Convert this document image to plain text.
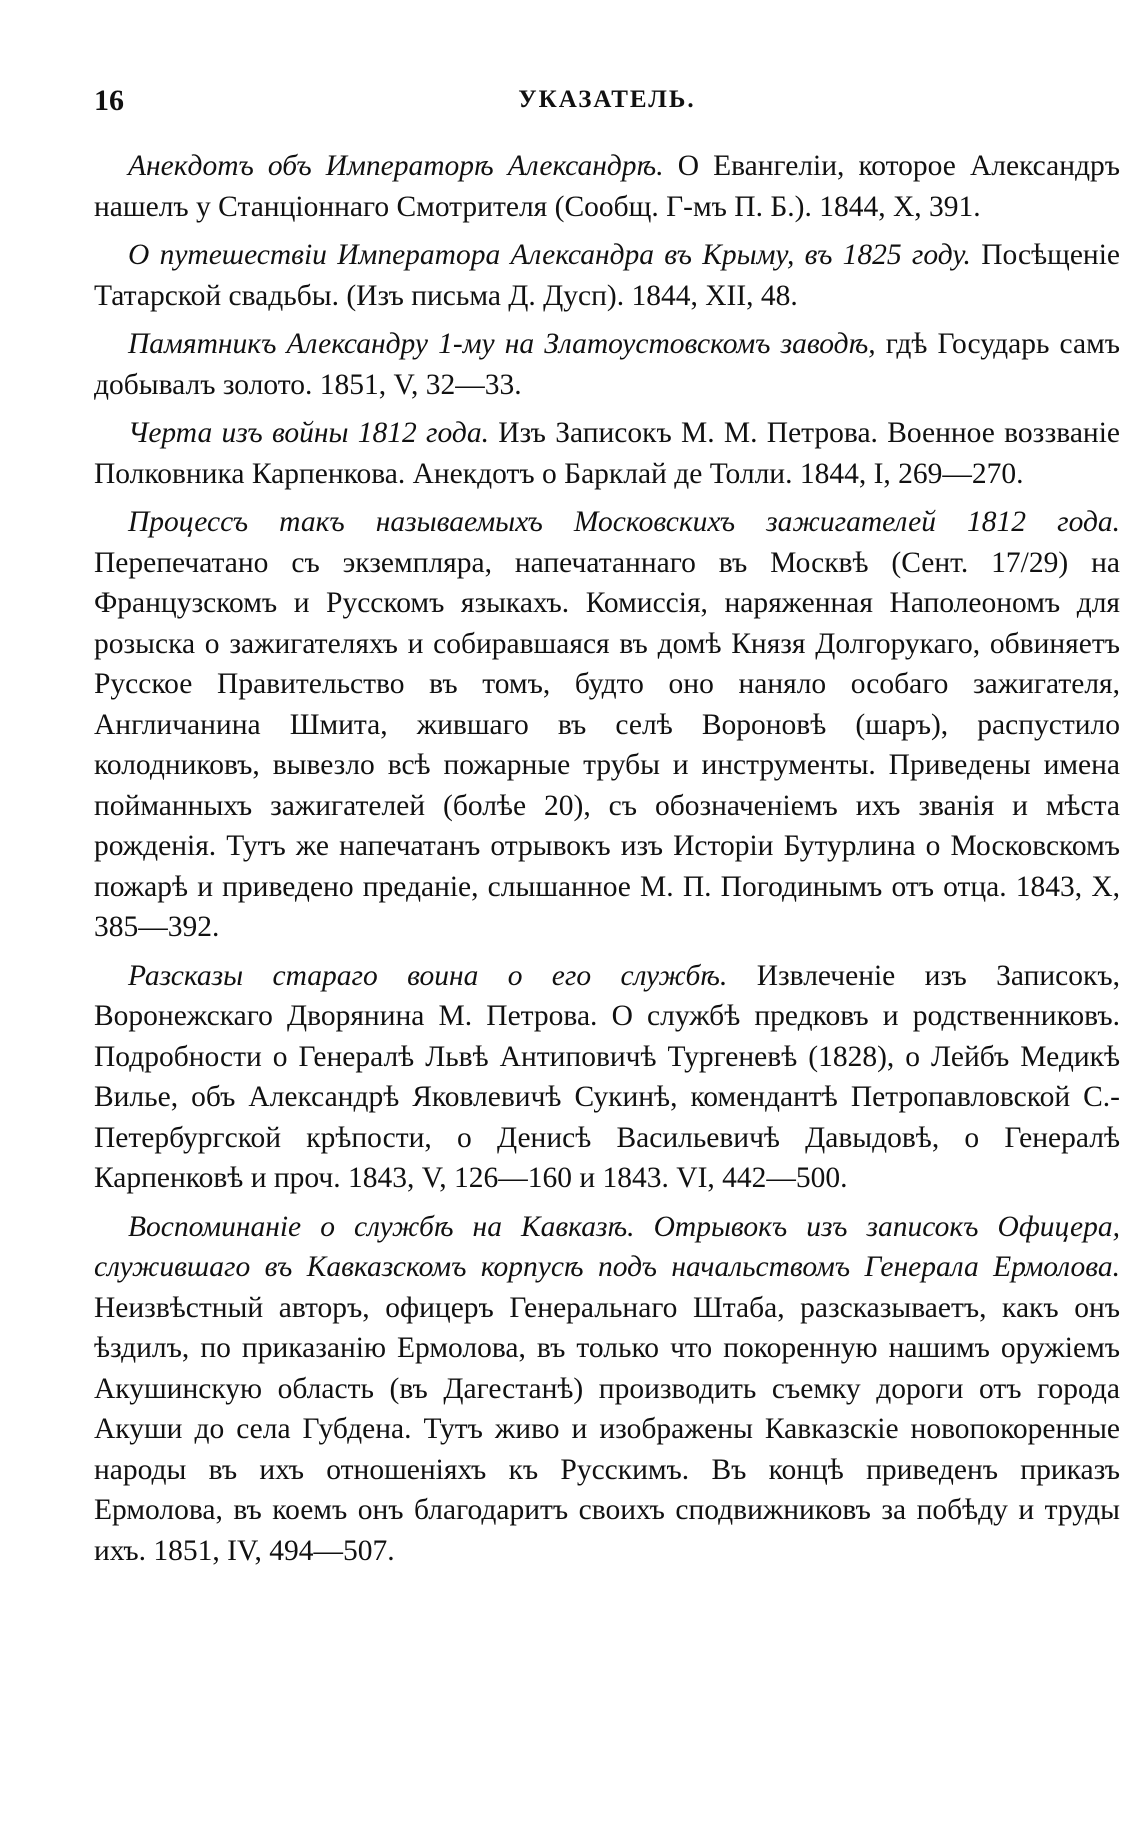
16	УКАЗАТЕЛЬ.

Анекдотъ объ Императорѣ Александрѣ. О Евангеліи, которое Александръ нашелъ у Станціоннаго Смотрителя (Сообщ. Г-мъ П. Б.). 1844, X, 391.

О путешествіи Императора Александра въ Крыму, въ 1825 году. Посѣщеніе Татарской свадьбы. (Изъ письма Д. Дусп). 1844, XII, 48.

Памятникъ Александру 1-му на Златоустовскомъ заводѣ, гдѣ Государь самъ добывалъ золото. 1851, V, 32—33.

Черта изъ войны 1812 года. Изъ Записокъ М. М. Петрова. Военное воззваніе Полковника Карпенкова. Анекдотъ о Барклай де Толли. 1844, I, 269—270.

Процессъ такъ называемыхъ Московскихъ зажигателей 1812 года. Перепечатано съ экземпляра, напечатаннаго въ Москвѣ (Сент. 17/29) на Французскомъ и Русскомъ языкахъ. Комиссія, наряженная Наполеономъ для розыска о зажигателяхъ и собиравшаяся въ домѣ Князя Долгорукаго, обвиняетъ Русское Правительство въ томъ, будто оно наняло особаго зажигателя, Англичанина Шмита, жившаго въ селѣ Вороновѣ (шаръ), распустило колодниковъ, вывезло всѣ пожарные трубы и инструменты. Приведены имена пойманныхъ зажигателей (болѣе 20), съ обозначеніемъ ихъ званія и мѣста рожденія. Тутъ же напечатанъ отрывокъ изъ Исторіи Бутурлина о Московскомъ пожарѣ и приведено преданіе, слышанное М. П. Погодинымъ отъ отца. 1843, X, 385—392.

Разсказы стараго воина о его службѣ. Извлеченіе изъ Записокъ, Воронежскаго Дворянина М. Петрова. О службѣ предковъ и родственниковъ. Подробности о Генералѣ Львѣ Антиповичѣ Тургеневѣ (1828), о Лейбъ Медикѣ Вилье, объ Александрѣ Яковлевичѣ Сукинѣ, комендантѣ Петропавловской С.-Петербургской крѣпости, о Денисѣ Васильевичѣ Давыдовѣ, о Генералѣ Карпенковѣ и проч. 1843, V, 126—160 и 1843. VI, 442—500.

Воспоминаніе о службѣ на Кавказѣ. Отрывокъ изъ записокъ Офицера, служившаго въ Кавказскомъ корпусѣ подъ начальствомъ Генерала Ермолова. Неизвѣстный авторъ, офицеръ Генеральнаго Штаба, разсказываетъ, какъ онъ ѣздилъ, по приказанію Ермолова, въ только что покоренную нашимъ оружіемъ Акушинскую область (въ Дагестанѣ) производить съемку дороги отъ города Акуши до села Губдена. Тутъ живо и изображены Кавказскіе новопокоренные народы въ ихъ отношеніяхъ къ Русскимъ. Въ концѣ приведенъ приказъ Ермолова, въ коемъ онъ благодаритъ своихъ сподвижниковъ за побѣду и труды ихъ. 1851, IV, 494—507.
